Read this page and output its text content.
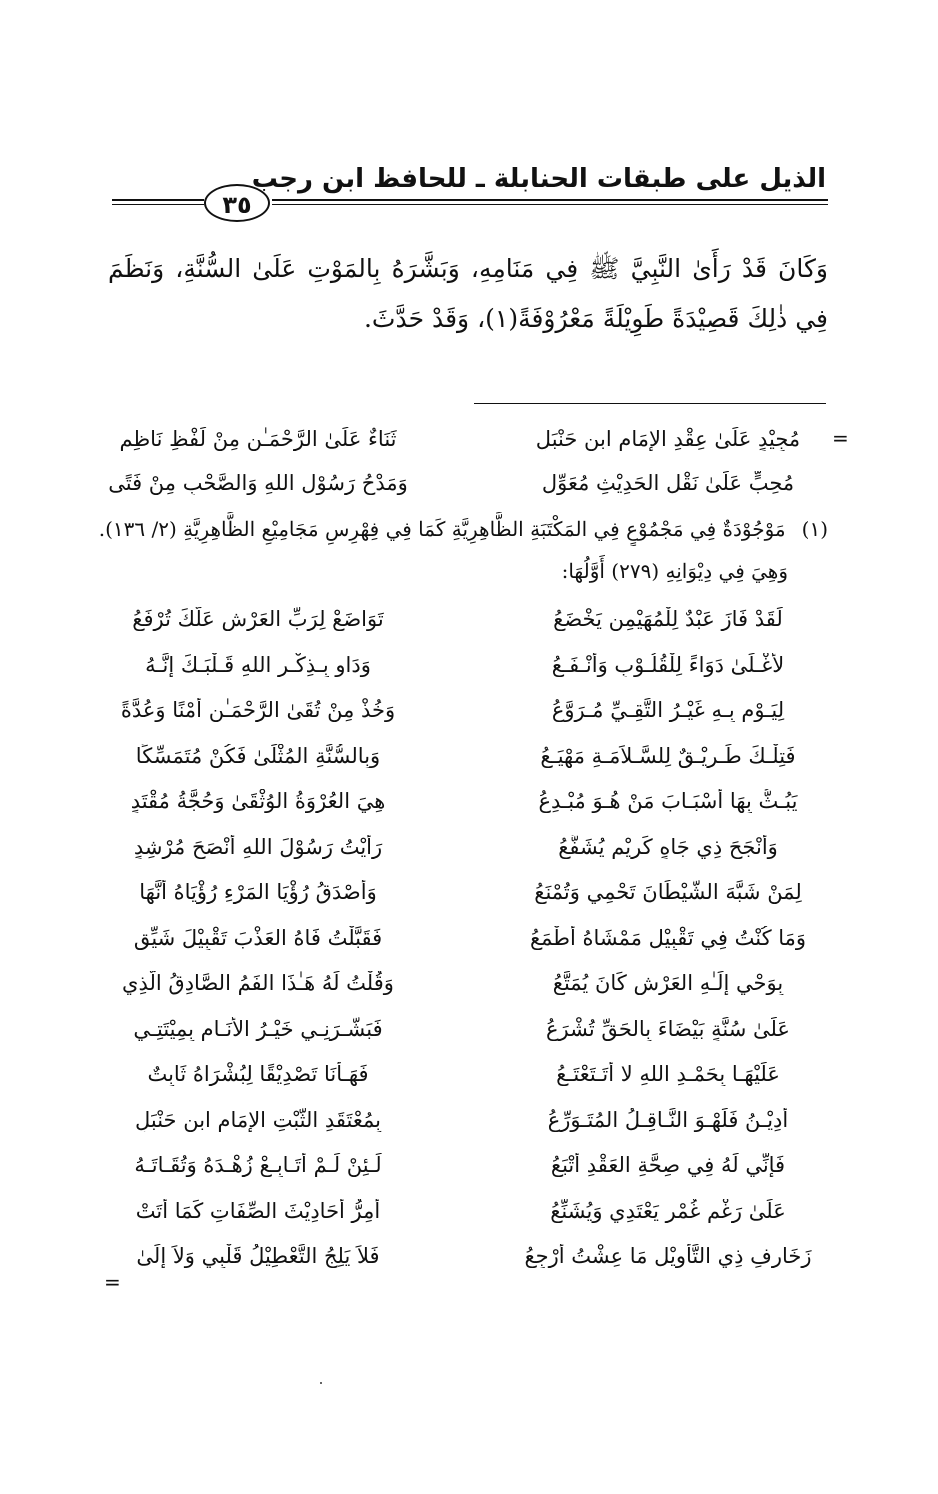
الذيل على طبقات الحنابلة ـ للحافظ ابن رجب
٣٥
وَكَانَ قَدْ رَأَىٰ النَّبِيَّ ﷺ فِي مَنَامِهِ، وَبَشَّرَهُ بِالمَوْتِ عَلَىٰ السُّنَّةِ، وَنَظَمَ فِي ذٰلِكَ قَصِيْدَةً طَوِيْلَةً مَعْرُوْفَةً(١)، وَقَدْ حَدَّثَ.
=
ثَنَاءٌ عَلَىٰ الرَّحْمَـٰنِ مِنْ لَفْظِ نَاظِمٍ	مُجِيْدٍ عَلَىٰ عِقْدِ الإِمَامِ ابنِ حَنْبَلِ
وَمَدْحُ رَسُوْلِ اللهِ وَالصَّحْبِ مِنْ فَتًى	مُحِبٍّ عَلَىٰ نَقْلِ الحَدِيْثِ مُعَوِّلِ
(١)مَوْجُوْدَةٌ فِي مَجْمُوْعٍ فِي المَكْتَبَةِ الظَّاهِرِيَّةِ كَمَا فِي فِهْرِسِ مَجَامِيْعِ الظَّاهِرِيَّةِ (٢/ ١٣٦).
وَهِيَ فِي دِيْوَانِهِ (٢٧٩) أَوَّلُهَا:
تَوَاضَعْ لِرَبِّ العَرْشِ عَلَّكَ تُرْفَعُ	لَقَدْ فَازَ عَبْدٌ لِلْمُهَيْمِنِ يَخْضَعُ
وَدَاوِ بِـذِكْـرِ اللهِ قَـلْبَـكَ إِنَّـهُ	لأَغْـلَىٰ دَوَاءً لِلْقُلُـوْبِ وَأَنْـفَـعُ
وَخُذْ مِنْ تُقَىٰ الرَّحْمَـٰنِ أَمْنًا وَعُدَّةً	لِيَـوْمٍ بِـهِ غَيْـرُ التَّقِـيِّ مُـرَوَّعُ
وَبِالسُّنَّةِ المُثْلَىٰ فَكُنْ مُتَمَسِّكًا	فَتِلْـكَ طَـرِيْـقٌ لِلسَّـلاَمَـةِ مَهْيَـعُ
هِيَ العُرْوَةُ الوُثْقَىٰ وَحُجَّةُ مُقْتَدٍ	يَبُـثُّ بِهَا أَسْبَـابَ مَنْ هُـوَ مُبْـدِعُ
رَأَيْتُ رَسُوْلَ اللهِ أَنْصَحَ مُرْشِدٍ	وَأَنْجَحَ ذِي جَاهٍ كَرِيْمٍ يُشَفَّعُ
وَأَصْدَقُ رُؤْيَا المَرْءِ رُؤْيَاهُ أَنَّهَا	لِمَنْ شَبَّهَ الشَّيْطَانَ تَحْمِي وَتُمْنَعُ
فَقَبَّلْتُ فَاهُ العَذْبَ تَقْبِيْلَ شَيِّقٍ	وَمَا كُنْتُ فِي تَقْبِيْلِ مَمْشَاهُ أَطْمَعُ
وَقُلْتُ لَهُ هَـٰذَا الفَمُ الصَّادِقُ الَّذِي	بِوَحْيِ إِلَـٰهِ العَرْشِ كَانَ يُمَتَّعُ
فَبَشَّـرَنِـي خَيْـرُ الأَنَـامِ بِمِيْتَتِـي	عَلَىٰ سُنَّةٍ بَيْضَاءَ بِالحَقِّ تُشْرَعُ
فَهَـأَنَا تَصْدِيْقًا لِبُشْرَاهُ ثَابِتٌ	عَلَيْهَـا بِحَمْـدِ اللهِ لا أَتَـتَعْتَـعُ
بِمُعْتَقَدِ الثَّبْتِ الإِمَامِ ابنِ حَنْبَلٍ	أَدِيْـنُ فَلَهْـوَ النَّـاقِـلُ المُتَـوَرِّعُ
لَـئِنْ لَـمْ أُتَـابِـعْ زُهْـدَهُ وَتُقَـاتَـهُ	فَإِنِّي لَهُ فِي صِحَّةِ العَقْدِ أَتْبَعُ
أُمِرُّ أَحَادِيْثَ الصِّفَاتِ كَمَا أَتَتْ	عَلَىٰ رَغْمِ غُمْرٍ يَعْتَدِي وَيُشَنِّعُ
فَلاَ يَلِجُ التَّعْطِيْلُ قَلْبِي وَلاَ إِلَىٰ	زَخَارِفِ ذِي التَّأْوِيْلِ مَا عِشْتُ أَرْجِعُ
=
